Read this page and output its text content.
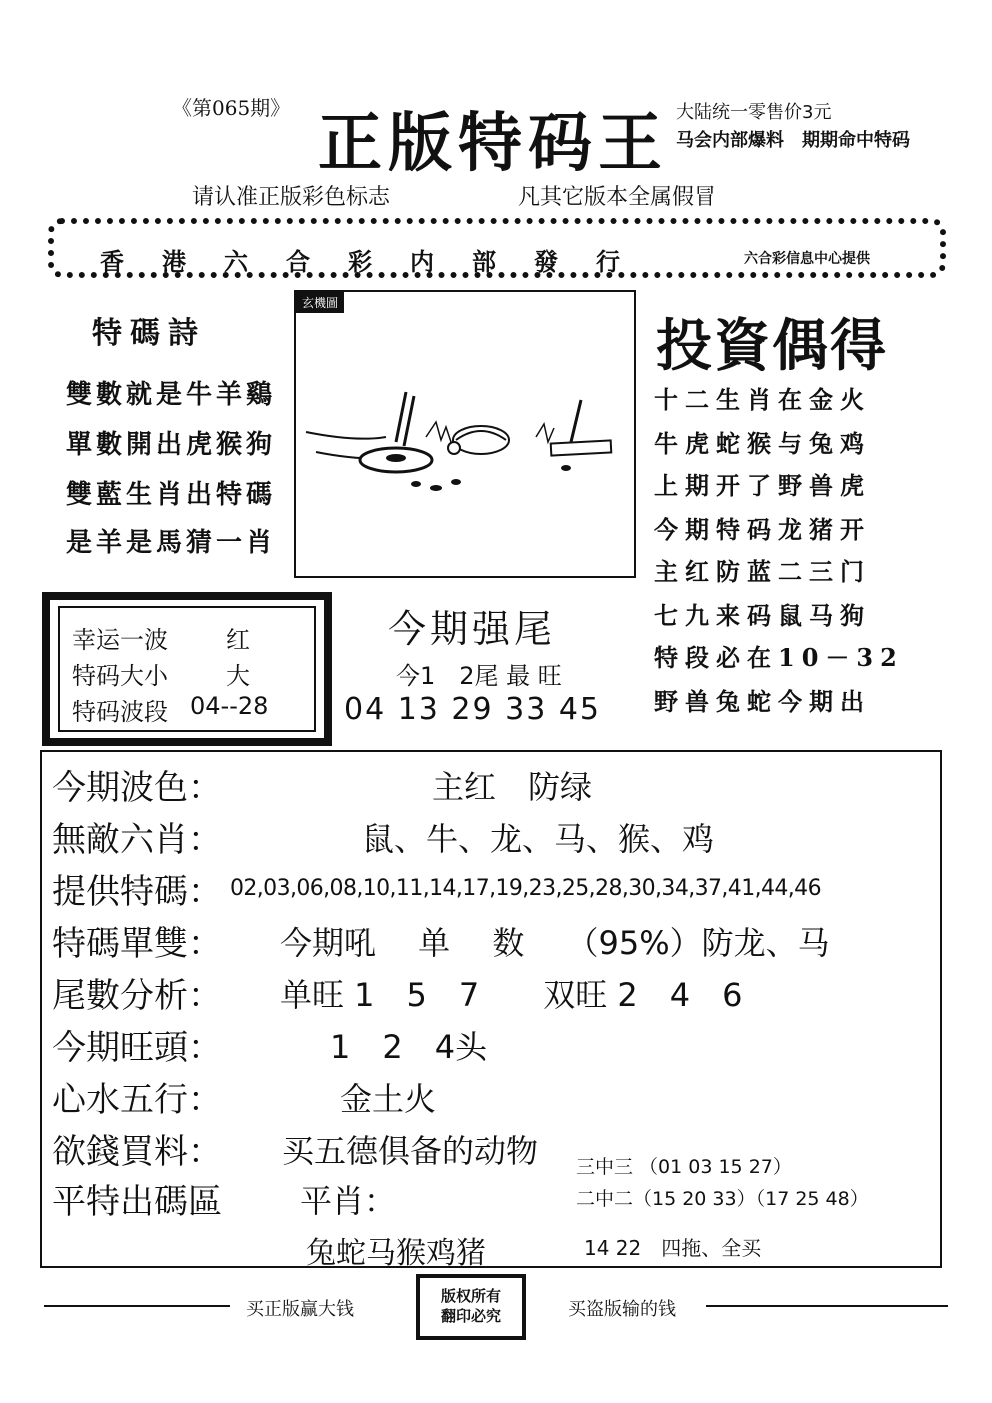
《第065期》 正版特码王 大陆统一零售价3元
马会内部爆料　期期命中特码
请认准正版彩色标志	凡其它版本全属假冒
香港六合彩内部發行	六合彩信息中心提供
特碼詩
雙數就是牛羊鷄
單數開出虎猴狗
雙藍生肖出特碼
是羊是馬猜一肖
玄機圖
投資偶得
十二生肖在金火
牛虎蛇猴与兔鸡
上期开了野兽虎
今期特码龙猪开
主红防蓝二三门
七九来码鼠马狗
特段必在10－32
野兽兔蛇今期出
幸运一波 红
特码大小 大
特码波段 04--28
今期强尾
今1　2尾 最 旺
04 13 29 33 45
今期波色：	主红　防绿
無敵六肖：	鼠、牛、龙、马、猴、鸡
提供特碼： 02,03,06,08,10,11,14,17,19,23,25,28,30,34,37,41,44,46
特碼單雙： 今期吼　 单　 数　 （95%）防龙、马
尾數分析： 单旺 1　5　7　　双旺 2　4　6
今期旺頭：	1　2　4头
心水五行：	金土火
欲錢買料： 买五德俱备的动物
平特出碼區 平肖：
三中三 （01 03 15 27）
二中二（15 20 33）（17 25 48）
兔蛇马猴鸡猪	14 22　四拖、全买
买正版赢大钱
版权所有
翻印必究	买盗版输的钱
